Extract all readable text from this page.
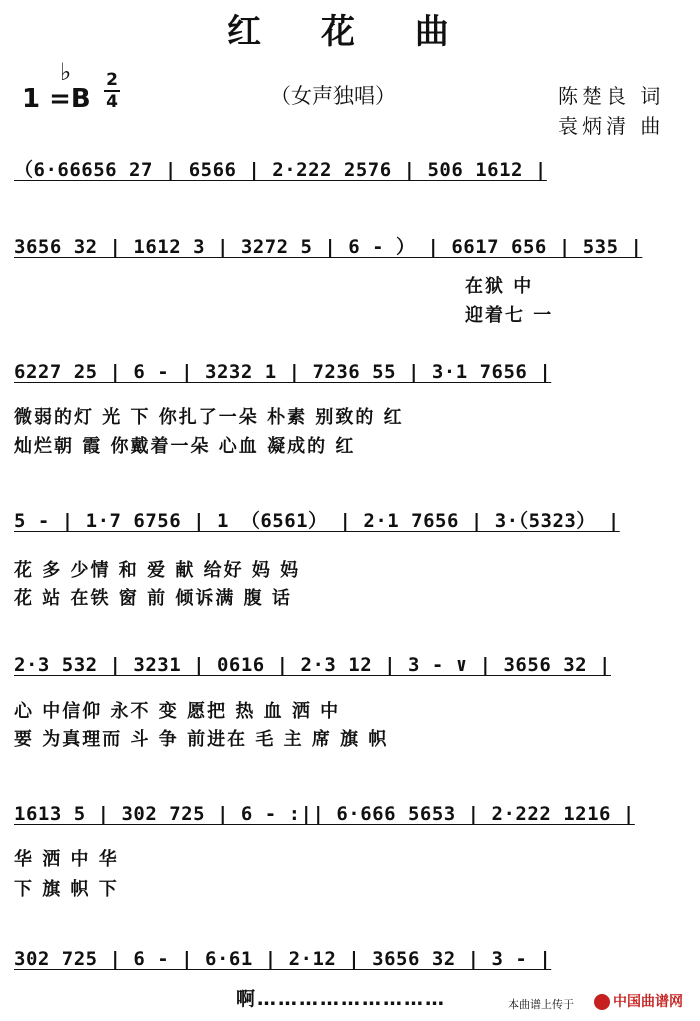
红 花 曲
♭
1 =B
2
4	（女声独唱）	陈楚良 词
袁炳清 曲
（6·66656 27 | 6566 | 2·222 2576 | 506 1612 |
3656 32 | 1612 3 | 3272 5 | 6 - ） | 6617 656 | 535 |
在狱 中
迎着七 一
6227 25 | 6 - | 3232 1 | 7236 55 | 3·1 7656 |
微弱的灯 光 下 你扎了一朵 朴素 别致的 红
灿烂朝 霞 你戴着一朵 心血 凝成的 红
5 - | 1·7 6756 | 1 （6561） | 2·1 7656 | 3·（5323） |
花 多 少情 和 爱 献 给好 妈 妈
花 站 在铁 窗 前 倾诉满 腹 话
2·3 532 | 3231 | 0616 | 2·3 12 | 3 - ∨ | 3656 32 |
心 中信仰 永不 变 愿把 热 血 洒 中
要 为真理而 斗 争 前进在 毛 主 席 旗 帜
1613 5 | 302 725 | 6 - :|| 6·666 5653 | 2·222 1216 |
华 洒 中 华
下 旗 帜 下
302 725 | 6 - | 6·61 | 2·12 | 3656 32 | 3 - |
啊………………………	本曲谱上传于	中国曲谱网
